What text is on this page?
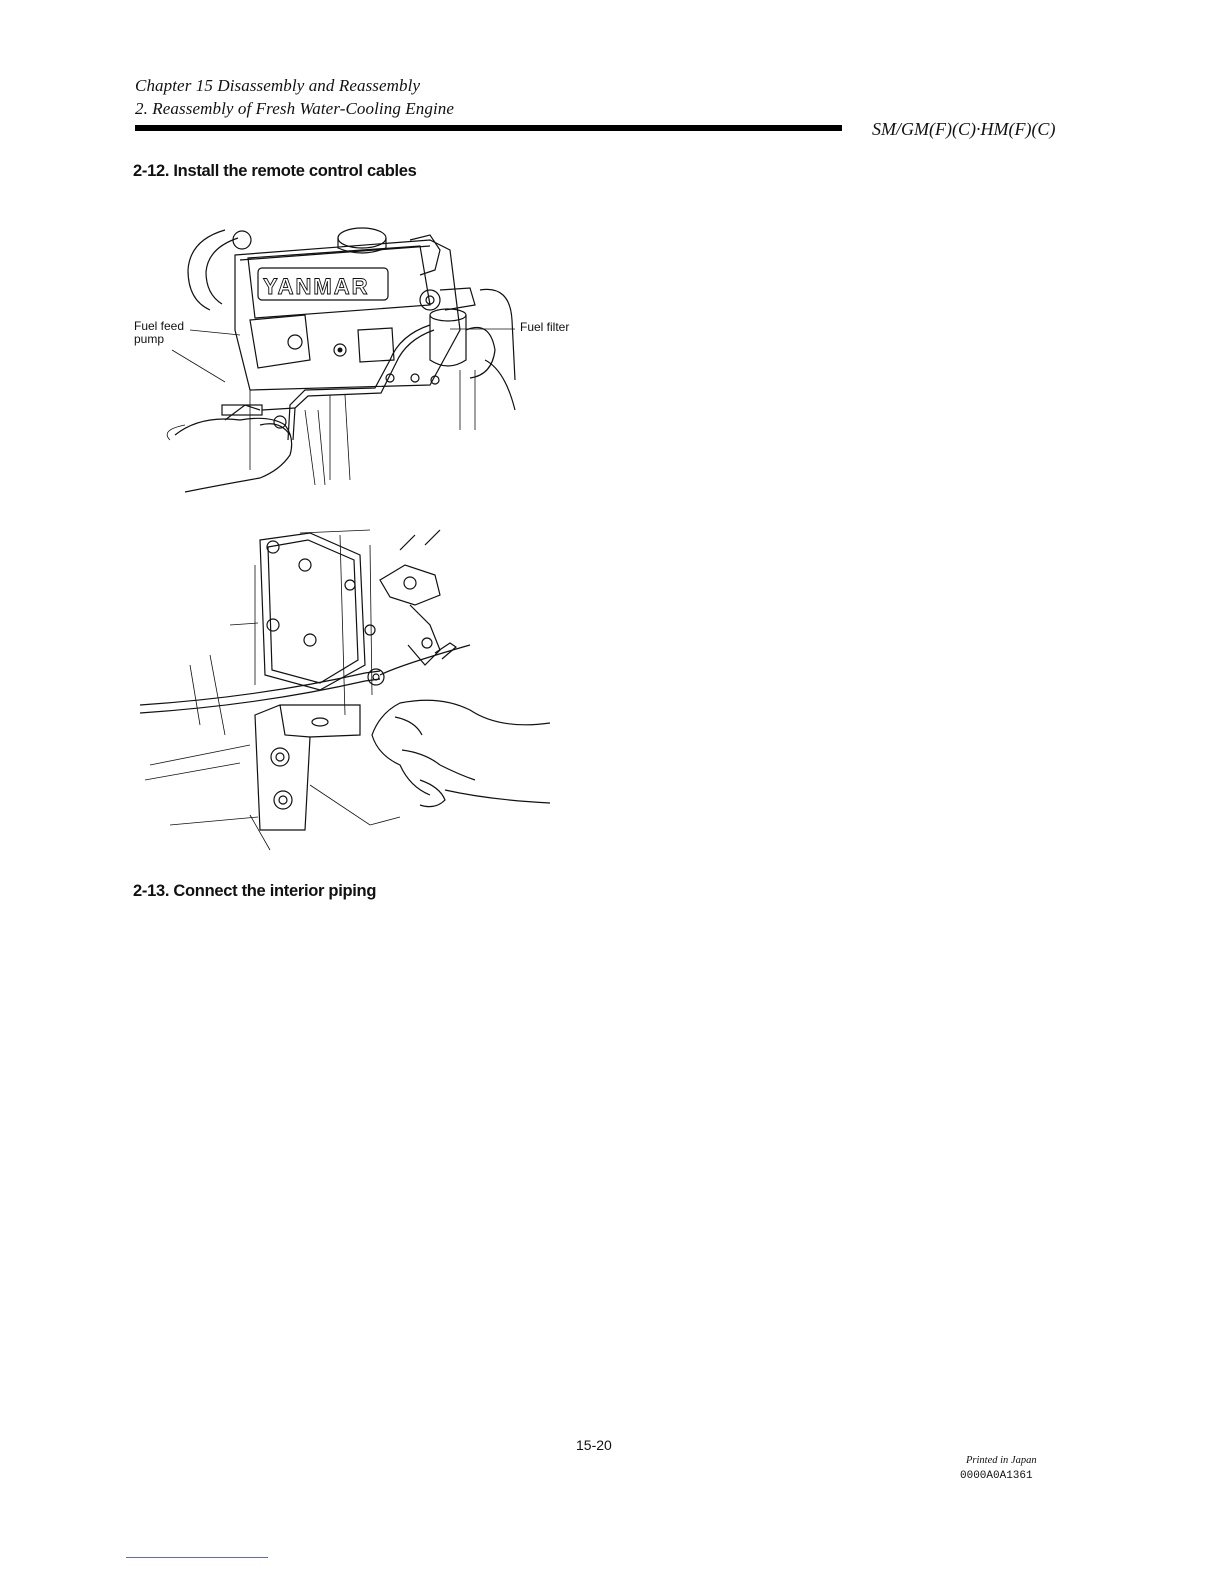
Chapter 15 Disassembly and Reassembly
2. Reassembly of Fresh Water-Cooling Engine
SM/GM(F)(C)·HM(F)(C)
2-12. Install the remote control cables
YANMAR
Fuel feed pump
Fuel filter
2-13. Connect the interior piping
15-20
Printed in Japan
0000A0A1361
